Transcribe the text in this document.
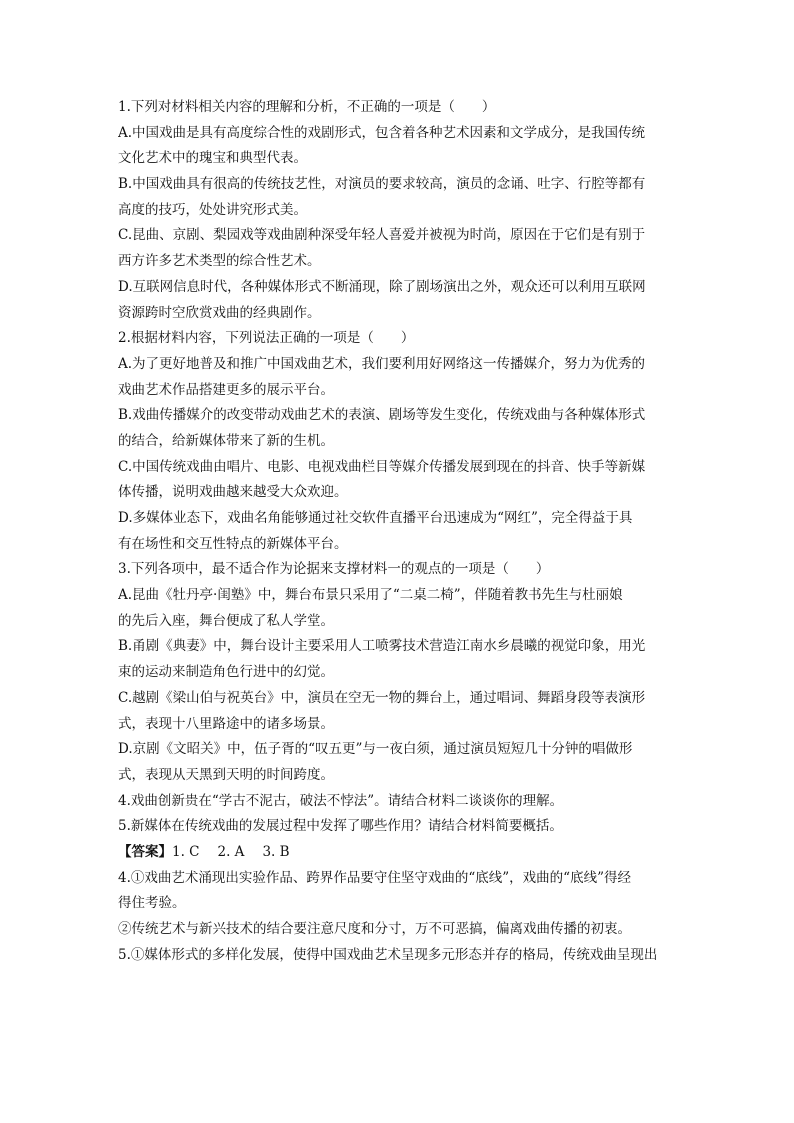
1.下列对材料相关内容的理解和分析，不正确的一项是（　　）
A.中国戏曲是具有高度综合性的戏剧形式，包含着各种艺术因素和文学成分，是我国传统
文化艺术中的瑰宝和典型代表。
B.中国戏曲具有很高的传统技艺性，对演员的要求较高，演员的念诵、吐字、行腔等都有
高度的技巧，处处讲究形式美。
C.昆曲、京剧、梨园戏等戏曲剧种深受年轻人喜爱并被视为时尚，原因在于它们是有别于
西方许多艺术类型的综合性艺术。
D.互联网信息时代，各种媒体形式不断涌现，除了剧场演出之外，观众还可以利用互联网
资源跨时空欣赏戏曲的经典剧作。
2.根据材料内容，下列说法正确的一项是（　　）
A.为了更好地普及和推广中国戏曲艺术，我们要利用好网络这一传播媒介，努力为优秀的
戏曲艺术作品搭建更多的展示平台。
B.戏曲传播媒介的改变带动戏曲艺术的表演、剧场等发生变化，传统戏曲与各种媒体形式
的结合，给新媒体带来了新的生机。
C.中国传统戏曲由唱片、电影、电视戏曲栏目等媒介传播发展到现在的抖音、快手等新媒
体传播，说明戏曲越来越受大众欢迎。
D.多媒体业态下，戏曲名角能够通过社交软件直播平台迅速成为“网红”，完全得益于具
有在场性和交互性特点的新媒体平台。
3.下列各项中，最不适合作为论据来支撑材料一的观点的一项是（　　）
A.昆曲《牡丹亭·闺塾》中，舞台布景只采用了“二桌二椅”，伴随着教书先生与杜丽娘
的先后入座，舞台便成了私人学堂。
B.甬剧《典妻》中，舞台设计主要采用人工喷雾技术营造江南水乡晨曦的视觉印象，用光
束的运动来制造角色行进中的幻觉。
C.越剧《梁山伯与祝英台》中，演员在空无一物的舞台上，通过唱词、舞蹈身段等表演形
式，表现十八里路途中的诸多场景。
D.京剧《文昭关》中，伍子胥的“叹五更”与一夜白须，通过演员短短几十分钟的唱做形
式，表现从天黑到天明的时间跨度。
4.戏曲创新贵在“学古不泥古，破法不悖法”。请结合材料二谈谈你的理解。
5.新媒体在传统戏曲的发展过程中发挥了哪些作用？请结合材料简要概括。
【答案】1. C 2. A 3. B
4.①戏曲艺术涌现出实验作品、跨界作品要守住坚守戏曲的“底线”，戏曲的“底线”得经
得住考验。
②传统艺术与新兴技术的结合要注意尺度和分寸，万不可恶搞，偏离戏曲传播的初衷。
5.①媒体形式的多样化发展，使得中国戏曲艺术呈现多元形态并存的格局，传统戏曲呈现出
